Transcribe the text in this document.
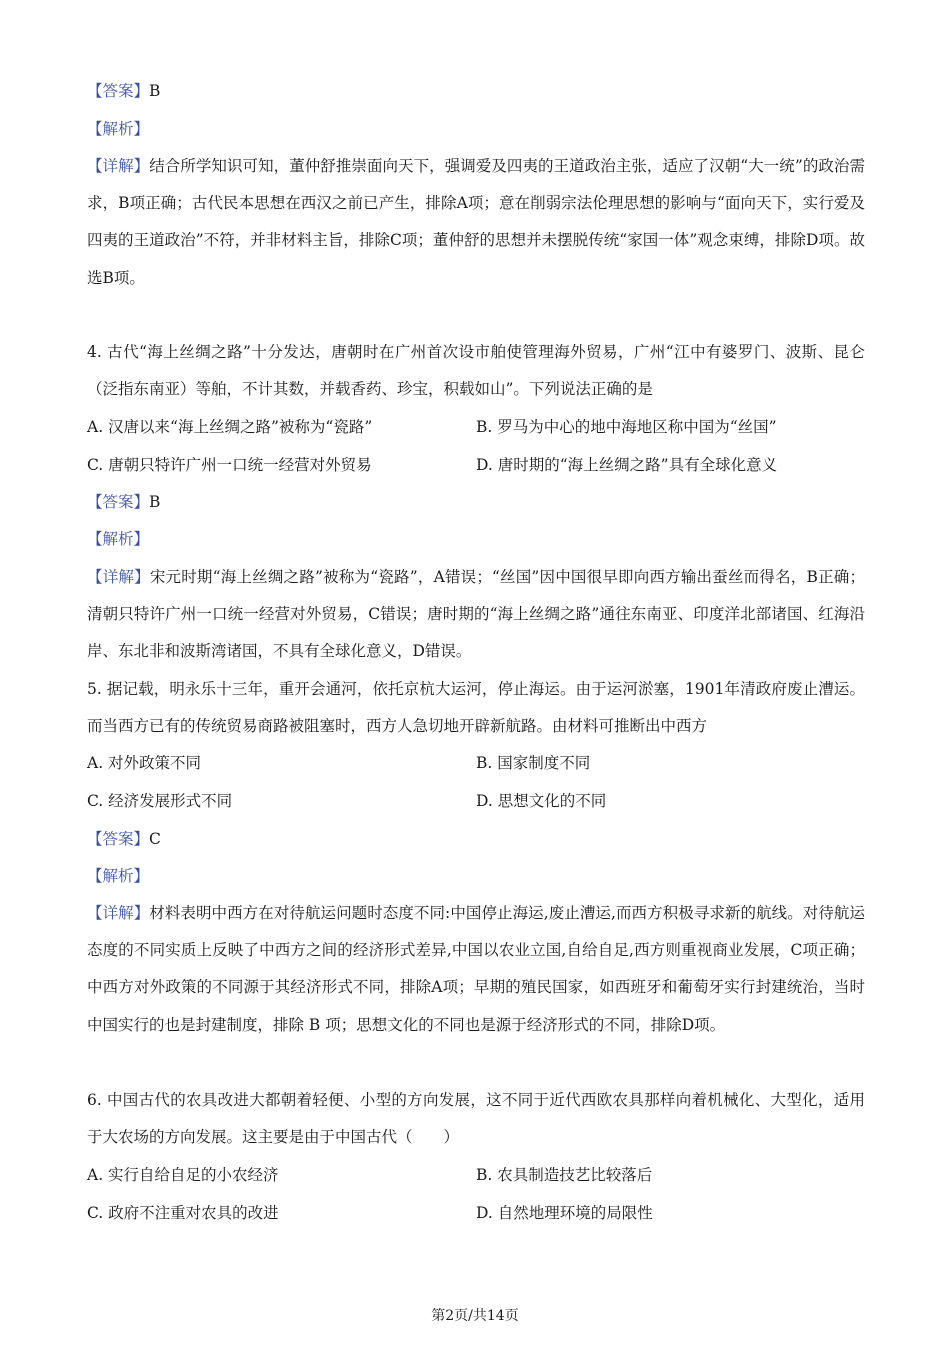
【答案】B
【解析】
【详解】结合所学知识可知，董仲舒推崇面向天下，强调爱及四夷的王道政治主张，适应了汉朝“大一统”的政治需求，B项正确；古代民本思想在西汉之前已产生，排除A项；意在削弱宗法伦理思想的影响与“面向天下，实行爱及四夷的王道政治”不符，并非材料主旨，排除C项；董仲舒的思想并未摆脱传统“家国一体”观念束缚，排除D项。故选B项。
4. 古代“海上丝绸之路”十分发达，唐朝时在广州首次设市舶使管理海外贸易，广州“江中有婆罗门、波斯、昆仑（泛指东南亚）等舶，不计其数，并载香药、珍宝，积载如山”。下列说法正确的是
A. 汉唐以来“海上丝绸之路”被称为“瓷路”	B. 罗马为中心的地中海地区称中国为“丝国”
C. 唐朝只特许广州一口统一经营对外贸易	D. 唐时期的“海上丝绸之路”具有全球化意义
【答案】B
【解析】
【详解】宋元时期“海上丝绸之路”被称为“瓷路”，A错误；“丝国”因中国很早即向西方输出蚕丝而得名，B正确；清朝只特许广州一口统一经营对外贸易，C错误；唐时期的“海上丝绸之路”通往东南亚、印度洋北部诸国、红海沿岸、东北非和波斯湾诸国，不具有全球化意义，D错误。
5. 据记载，明永乐十三年，重开会通河，依托京杭大运河，停止海运。由于运河淤塞，1901年清政府废止漕运。而当西方已有的传统贸易商路被阻塞时，西方人急切地开辟新航路。由材料可推断出中西方
A. 对外政策不同	B. 国家制度不同
C. 经济发展形式不同	D. 思想文化的不同
【答案】C
【解析】
【详解】材料表明中西方在对待航运问题时态度不同:中国停止海运,废止漕运,而西方积极寻求新的航线。对待航运态度的不同实质上反映了中西方之间的经济形式差异,中国以农业立国,自给自足,西方则重视商业发展，C项正确；中西方对外政策的不同源于其经济形式不同，排除A项；早期的殖民国家，如西班牙和葡萄牙实行封建统治，当时中国实行的也是封建制度，排除 B 项；思想文化的不同也是源于经济形式的不同，排除D项。
6. 中国古代的农具改进大都朝着轻便、小型的方向发展，这不同于近代西欧农具那样向着机械化、大型化，适用于大农场的方向发展。这主要是由于中国古代（　　）
A. 实行自给自足的小农经济	B. 农具制造技艺比较落后
C. 政府不注重对农具的改进	D. 自然地理环境的局限性
第2页/共14页
